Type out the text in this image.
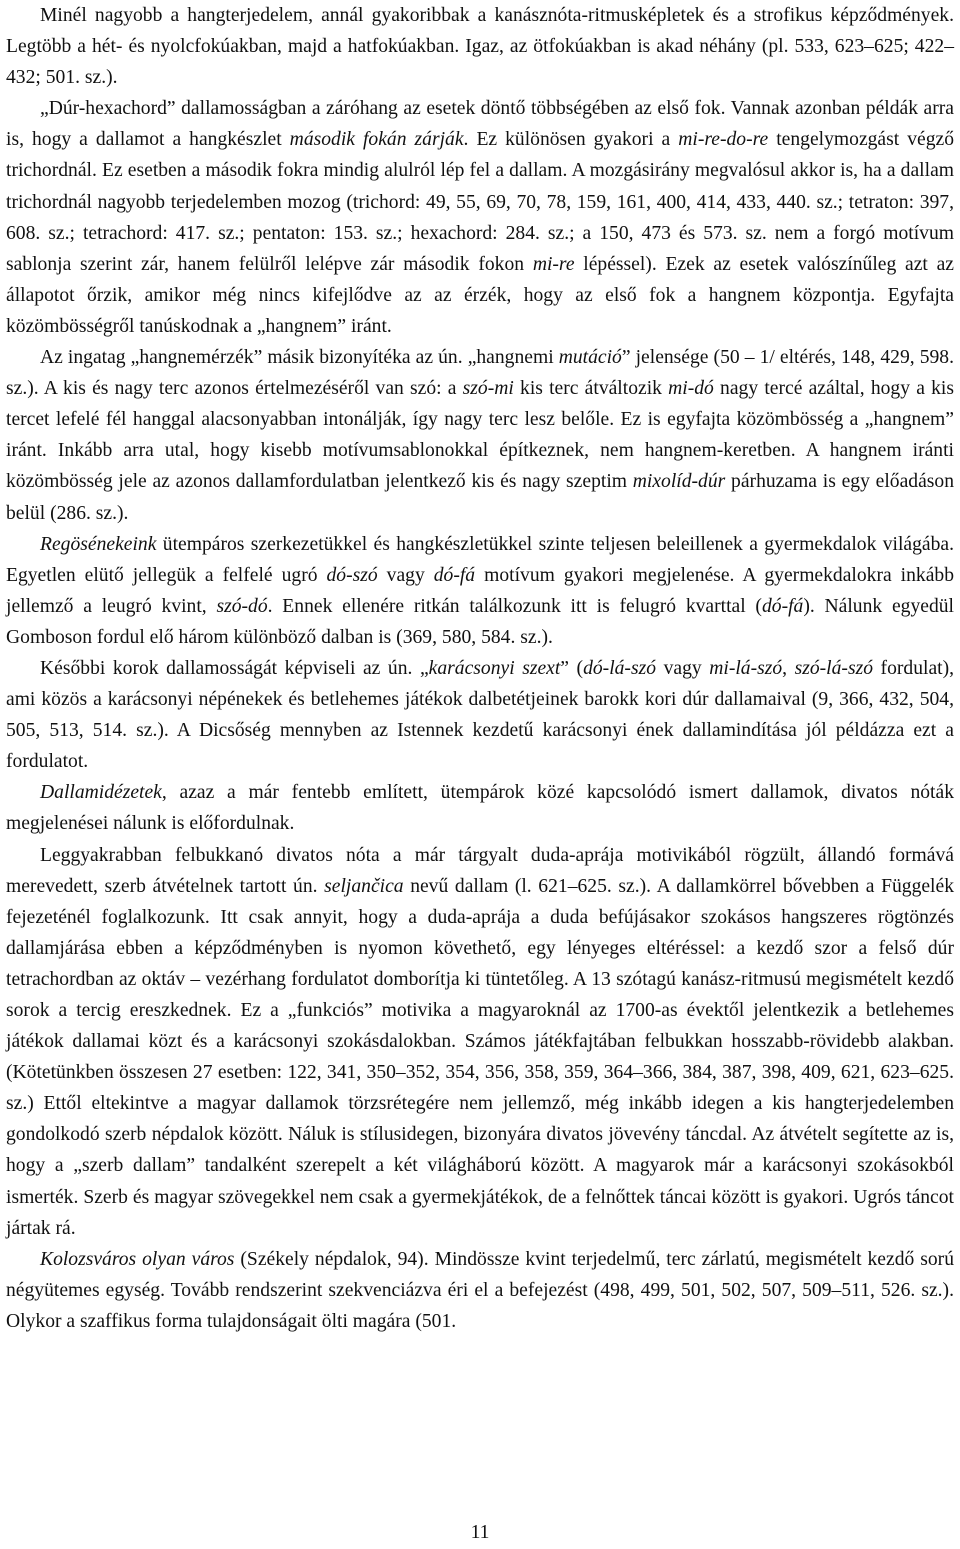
Minél nagyobb a hangterjedelem, annál gyakoribbak a kanásznóta-ritmusképletek és a strofikus képződmények. Legtöbb a hét- és nyolcfokúakban, majd a hatfokúakban. Igaz, az ötfokúakban is akad néhány (pl. 533, 623–625; 422–432; 501. sz.).

„Dúr-hexachord” dallamosságban a záróhang az esetek döntő többségében az első fok. Vannak azonban példák arra is, hogy a dallamot a hangkészlet második fokán zárják. Ez különösen gyakori a mi-re-do-re tengelymozgást végző trichordnál. Ez esetben a második fokra mindig alulról lép fel a dallam. A mozgásirány megvalósul akkor is, ha a dallam trichordnál nagyobb terjedelemben mozog (trichord: 49, 55, 69, 70, 78, 159, 161, 400, 414, 433, 440. sz.; tetraton: 397, 608. sz.; tetrachord: 417. sz.; pentaton: 153. sz.; hexachord: 284. sz.; a 150, 473 és 573. sz. nem a forgó motívum sablonja szerint zár, hanem felülről lelépve zár második fokon mi-re lépéssel). Ezek az esetek valószínűleg azt az állapotot őrzik, amikor még nincs kifejlődve az az érzék, hogy az első fok a hangnem központja. Egyfajta közömbösségről tanúskodnak a „hangnem” iránt.

Az ingatag „hangnemérzék” másik bizonyítéka az ún. „hangnemi mutáció” jelensége (50 – 1/ eltérés, 148, 429, 598. sz.). A kis és nagy terc azonos értelmezéséről van szó: a szó-mi kis terc átváltozik mi-dó nagy tercé azáltal, hogy a kis tercet lefelé fél hanggal alacsonyabban intonálják, így nagy terc lesz belőle. Ez is egyfajta közömbösség a „hangnem” iránt. Inkább arra utal, hogy kisebb motívumsablonokkal építkeznek, nem hangnem-keretben. A hangnem iránti közömbösség jele az azonos dallamfordulatban jelentkező kis és nagy szeptim mixolíd-dúr párhuzama is egy előadáson belül (286. sz.).

Regösénekeink ütempáros szerkezetükkel és hangkészletükkel szinte teljesen beleillenek a gyermekdalok világába. Egyetlen elütő jellegük a felfelé ugró dó-szó vagy dó-fá motívum gyakori megjelenése. A gyermekdalokra inkább jellemző a leugró kvint, szó-dó. Ennek ellenére ritkán találkozunk itt is felugró kvarttal (dó-fá). Nálunk egyedül Gomboson fordul elő három különböző dalban is (369, 580, 584. sz.).

Későbbi korok dallamosságát képviseli az ún. „karácsonyi szext” (dó-lá-szó vagy mi-lá-szó, szó-lá-szó fordulat), ami közös a karácsonyi népénekek és betlehemes játékok dalbetétjeinek barokk kori dúr dallamaival (9, 366, 432, 504, 505, 513, 514. sz.). A Dicsőség mennyben az Istennek kezdetű karácsonyi ének dallamindítása jól példázza ezt a fordulatot.

Dallamidézetek, azaz a már fentebb említett, ütempárok közé kapcsolódó ismert dallamok, divatos nóták megjelenései nálunk is előfordulnak.

Leggyakrabban felbukkanó divatos nóta a már tárgyalt duda-aprája motivikából rögzült, állandó formává merevedett, szerb átvételnek tartott ún. seljančica nevű dallam (l. 621–625. sz.). A dallamkörrel bővebben a Függelék fejezeténél foglalkozunk. Itt csak annyit, hogy a duda-aprája a duda befújásakor szokásos hangszeres rögtönzés dallamjárása ebben a képződményben is nyomon követhető, egy lényeges eltéréssel: a kezdő szor a felső dúr tetrachordban az oktáv – vezérhang fordulatot domborítja ki tüntetőleg. A 13 szótagú kanász-ritmusú megismételt kezdő sorok a tercig ereszkednek. Ez a „funkciós” motivika a magyaroknál az 1700-as évektől jelentkezik a betlehemes játékok dallamai közt és a karácsonyi szokásdalokban. Számos játékfajtában felbukkan hosszabb-rövidebb alakban. (Kötetünkben összesen 27 esetben: 122, 341, 350–352, 354, 356, 358, 359, 364–366, 384, 387, 398, 409, 621, 623–625. sz.) Ettől eltekintve a magyar dallamok törzsrétegére nem jellemző, még inkább idegen a kis hangterjedelemben gondolkodó szerb népdalok között. Náluk is stílusidegen, bizonyára divatos jövevény táncdal. Az átvételt segítette az is, hogy a „szerb dallam” tandalként szerepelt a két világháború között. A magyarok már a karácsonyi szokásokból ismerték. Szerb és magyar szövegekkel nem csak a gyermekjátékok, de a felnőttek táncai között is gyakori. Ugrós táncot jártak rá.

Kolozsváros olyan város (Székely népdalok, 94). Mindössze kvint terjedelmű, terc zárlatú, megismételt kezdő sorú négyütemes egység. Tovább rendszerint szekvenciázva éri el a befejezést (498, 499, 501, 502, 507, 509–511, 526. sz.). Olykor a szaffikus forma tulajdonságait ölti magára (501.

11
